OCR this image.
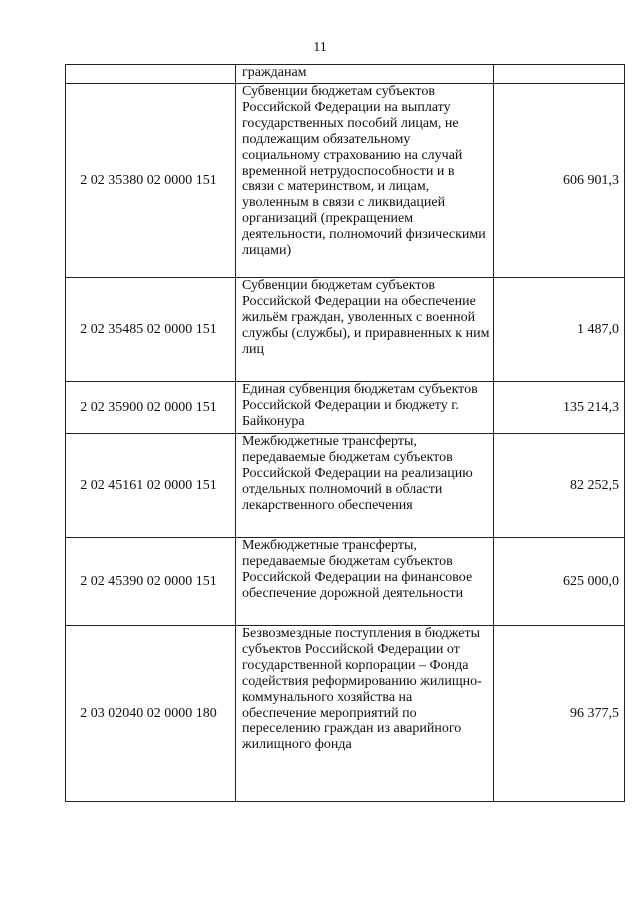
11
	гражданам	
2 02 35380 02 0000 151	Субвенции бюджетам субъектов Российской Федерации на выплату государственных пособий лицам, не подлежащим обязательному социальному страхованию на случай временной нетрудоспособности и в связи с материнством, и лицам, уволенным в связи с ликвидацией организаций (прекращением деятельности, полномочий физическими лицами)	606 901,3
2 02 35485 02 0000 151	Субвенции бюджетам субъектов Российской Федерации на обеспечение жильём граждан, уволенных с военной службы (службы), и приравненных к ним лиц	1 487,0
2 02 35900 02 0000 151	Единая субвенция бюджетам субъектов Российской Федерации и бюджету г. Байконура	135 214,3
2 02 45161 02 0000 151	Межбюджетные трансферты, передаваемые бюджетам субъектов Российской Федерации на реализацию отдельных полномочий в области лекарственного обеспечения	82 252,5
2 02 45390 02 0000 151	Межбюджетные трансферты, передаваемые бюджетам субъектов Российской Федерации на финансовое обеспечение дорожной деятельности	625 000,0
2 03 02040 02 0000 180	Безвозмездные поступления в бюджеты субъектов Российской Федерации от государственной корпорации – Фонда содействия реформированию жилищно-коммунального хозяйства на обеспечение мероприятий по переселению граждан из аварийного жилищного фонда	96 377,5
